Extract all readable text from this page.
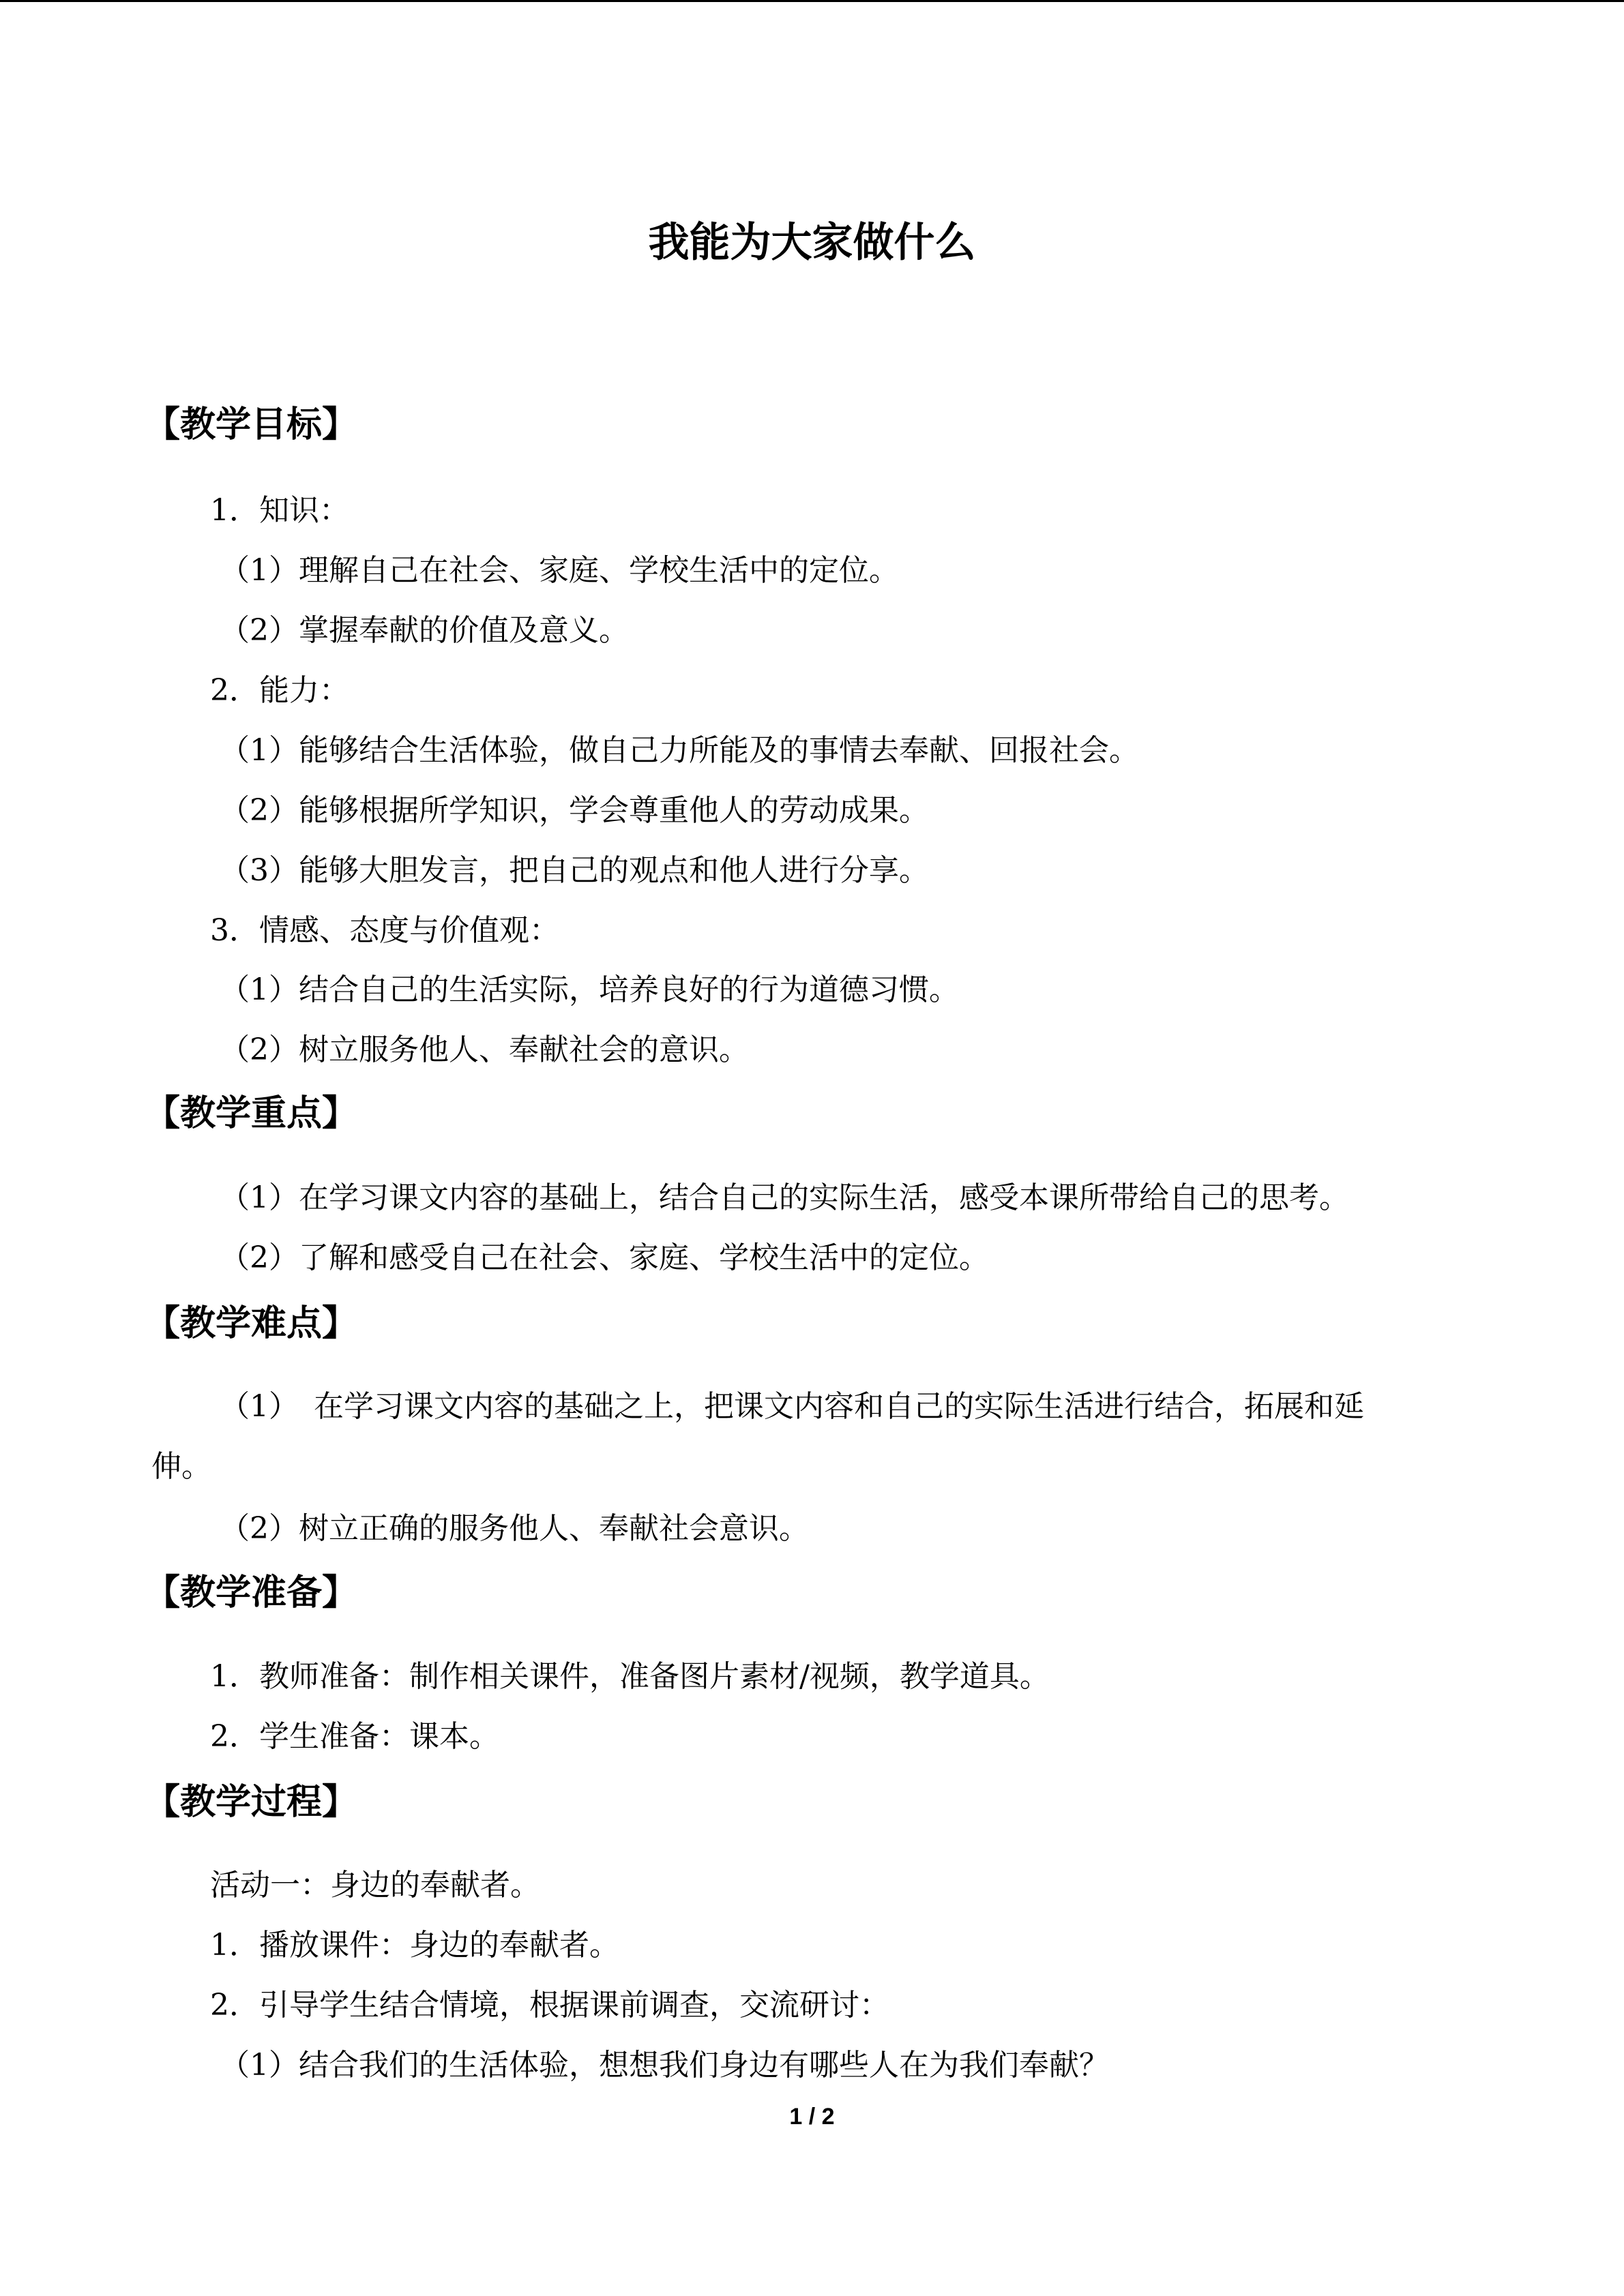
我能为大家做什么
【教学目标】
1．知识：
（1）理解自己在社会、家庭、学校生活中的定位。
（2）掌握奉献的价值及意义。
2．能力：
（1）能够结合生活体验，做自己力所能及的事情去奉献、回报社会。
（2）能够根据所学知识，学会尊重他人的劳动成果。
（3）能够大胆发言，把自己的观点和他人进行分享。
3．情感、态度与价值观：
（1）结合自己的生活实际，培养良好的行为道德习惯。
（2）树立服务他人、奉献社会的意识。
【教学重点】
（1）在学习课文内容的基础上，结合自己的实际生活，感受本课所带给自己的思考。
（2）了解和感受自己在社会、家庭、学校生活中的定位。
【教学难点】
（1）　在学习课文内容的基础之上，把课文内容和自己的实际生活进行结合，拓展和延
伸。
（2）树立正确的服务他人、奉献社会意识。
【教学准备】
1．教师准备：制作相关课件，准备图片素材/视频，教学道具。
2．学生准备：课本。
【教学过程】
活动一：身边的奉献者。
1．播放课件：身边的奉献者。
2．引导学生结合情境，根据课前调查，交流研讨：
（1）结合我们的生活体验，想想我们身边有哪些人在为我们奉献？
1 / 2
